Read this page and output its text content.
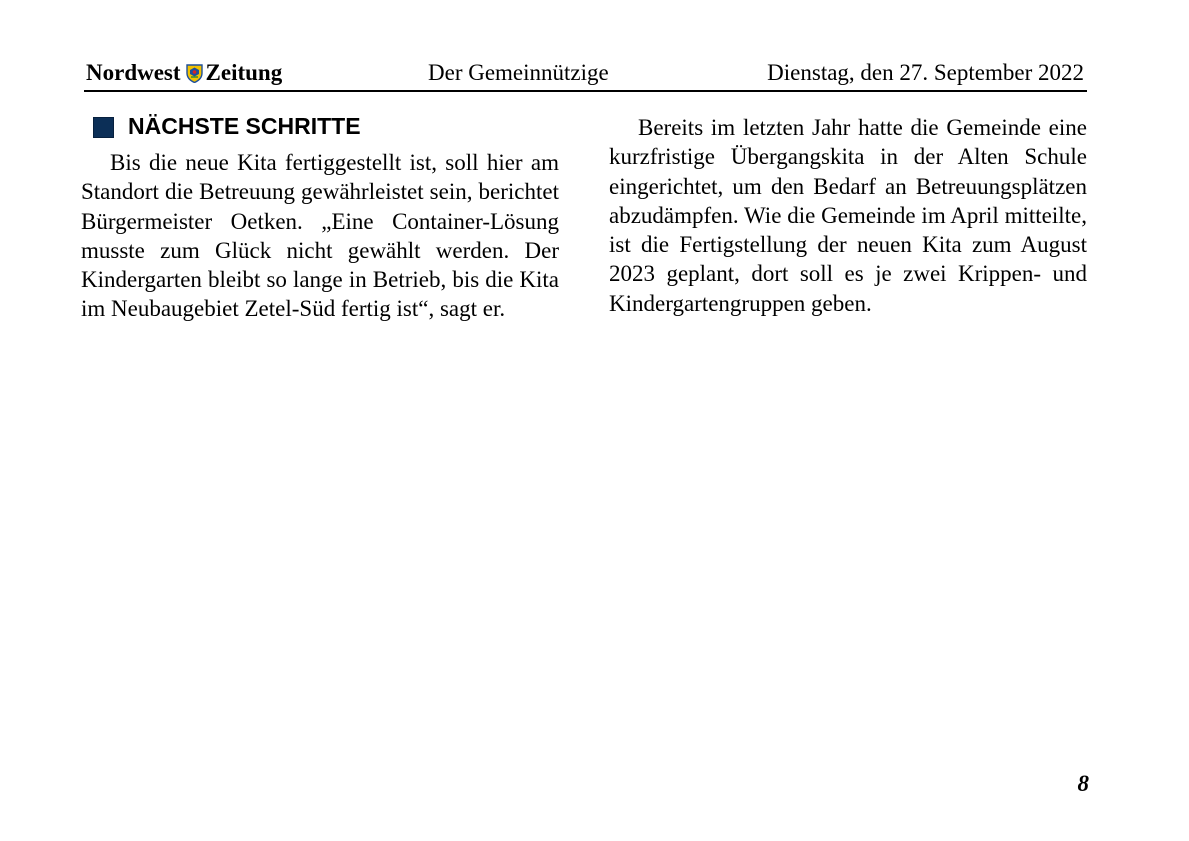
Nordwest Zeitung	Der Gemeinnützige	Dienstag, den 27. September 2022
NÄCHSTE SCHRITTE

Bis die neue Kita fertiggestellt ist, soll hier am Standort die Betreuung gewährleistet sein, berichtet Bürgermeister Oetken. „Eine Container-Lösung musste zum Glück nicht gewählt werden. Der Kindergarten bleibt so lange in Betrieb, bis die Kita im Neubaugebiet Zetel-Süd fertig ist“, sagt er.

Bereits im letzten Jahr hatte die Gemeinde eine kurzfristige Übergangskita in der Alten Schule eingerichtet, um den Bedarf an Betreuungsplätzen abzudämpfen. Wie die Gemeinde im April mitteilte, ist die Fertigstellung der neuen Kita zum August 2023 geplant, dort soll es je zwei Krippen- und Kindergartengruppen geben.

8
